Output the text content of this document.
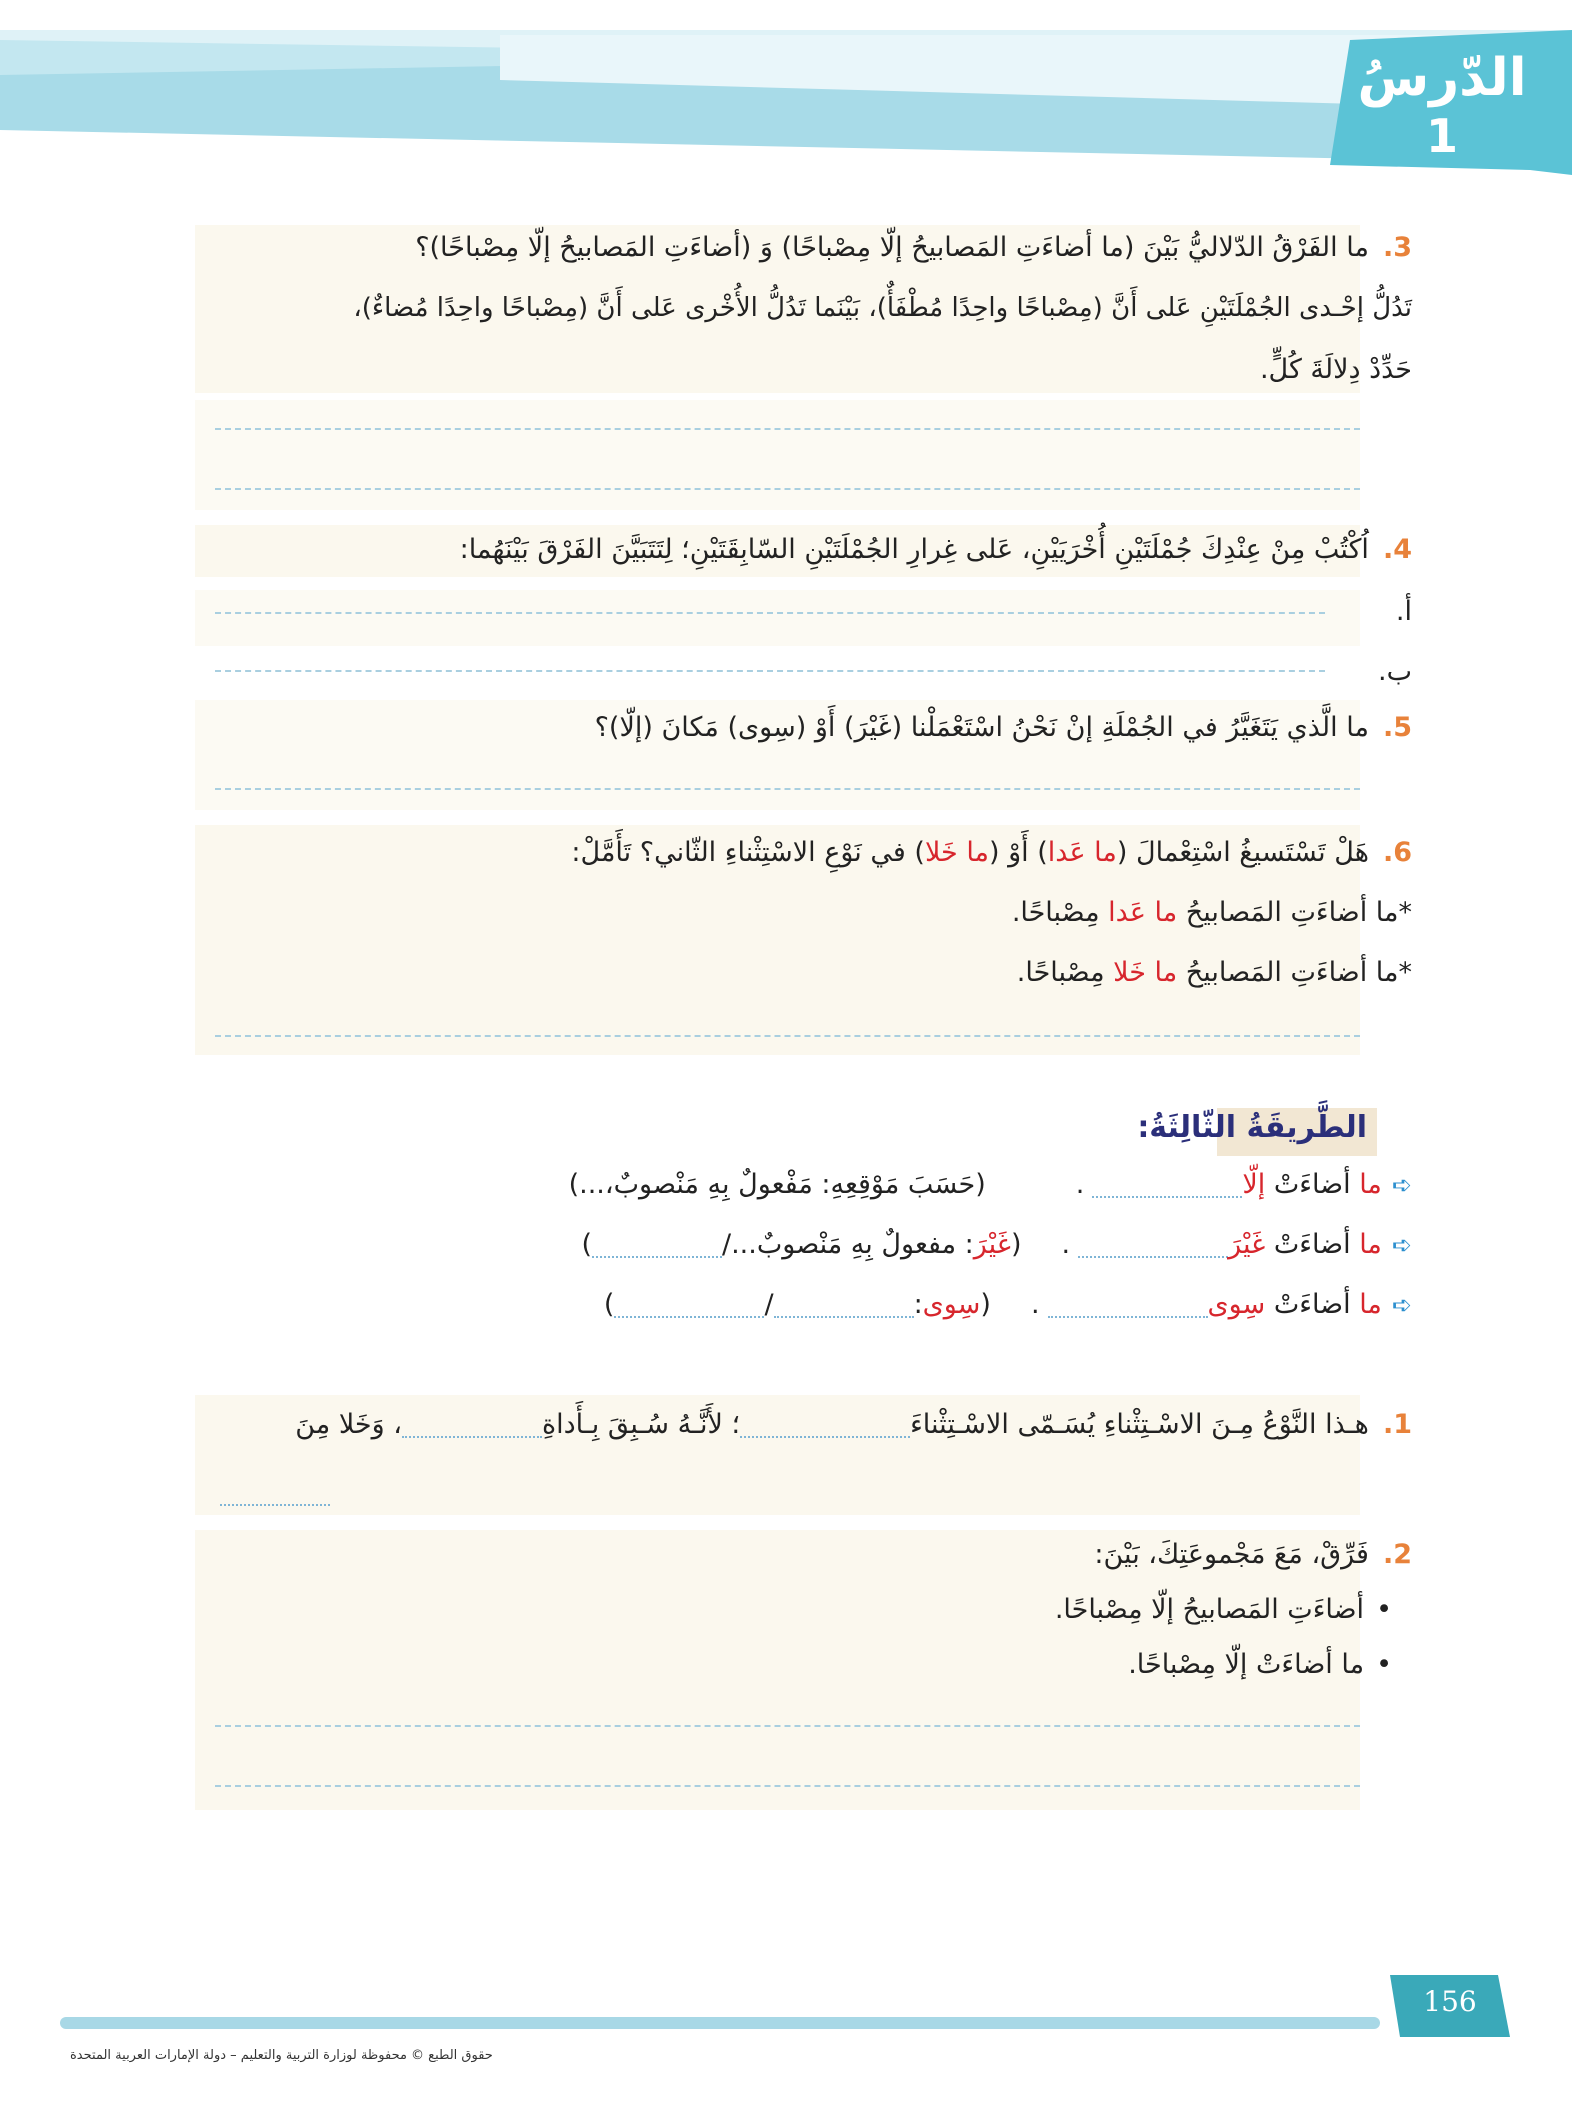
الدّرسُ
1
3.ما الفَرْقُ الدّلاليُّ بَيْنَ (ما أضاءَتِ المَصابيحُ إلّا مِصْباحًا) وَ (أضاءَتِ المَصابيحُ إلّا مِصْباحًا)؟
تَدُلُّ إحْـدى الجُمْلَتَيْنِ عَلى أَنَّ (مِصْباحًا واحِدًا مُطْفَأٌ)، بَيْنَما تَدُلُّ الأُخْرى عَلى أَنَّ (مِصْباحًا واحِدًا مُضاءٌ)،
حَدِّدْ دِلالَةَ كُلٍّ.
4.اُكْتُبْ مِنْ عِنْدِكَ جُمْلَتَيْنِ أُخْرَيَيْنِ، عَلى غِرارِ الجُمْلَتَيْنِ السّابِقَتَيْنِ؛ لِتَتَبَيَّنَ الفَرْقَ بَيْنَهُما:
أ.
ب.
5.ما الَّذي يَتَغَيَّرُ في الجُمْلَةِ إنْ نَحْنُ اسْتَعْمَلْنا (غَيْرَ) أَوْ (سِوى) مَكانَ (إلّا)؟
6.هَلْ تَسْتَسيغُ اسْتِعْمالَ (ما عَدا) أَوْ (ما خَلا) في نَوْعِ الاسْتِثْناءِ الثّاني؟ تَأَمَّلْ:
*ما أضاءَتِ المَصابيحُ ما عَدا مِصْباحًا.
*ما أضاءَتِ المَصابيحُ ما خَلا مِصْباحًا.
الطَّريقَةُ الثّالِثَةُ:
➪ما أضاءَتْ إلّا.(حَسَبَ مَوْقِعِهِ: مَفْعولٌ بِهِ مَنْصوبٌ،...)
➪ما أضاءَتْ غَيْرَ.(غَيْرَ: مفعولٌ بِهِ مَنْصوبٌ.../)
➪ما أضاءَتْ سِوى.(سِوى:/)
1.هـذا النَّوْعُ مِـنَ الاسْـتِثْناءِ يُسَـمّى الاسْـتِثْناءَ؛ لأَنَّـهُ سُـبِقَ بِـأَداةِ، وَخَلا مِنَ
2.فَرِّقْ، مَعَ مَجْموعَتِكَ، بَيْنَ:
•أضاءَتِ المَصابيحُ إلّا مِصْباحًا.
•ما أضاءَتْ إلّا مِصْباحًا.
156
حقوق الطبع © محفوظة لوزارة التربية والتعليم – دولة الإمارات العربية المتحدة
